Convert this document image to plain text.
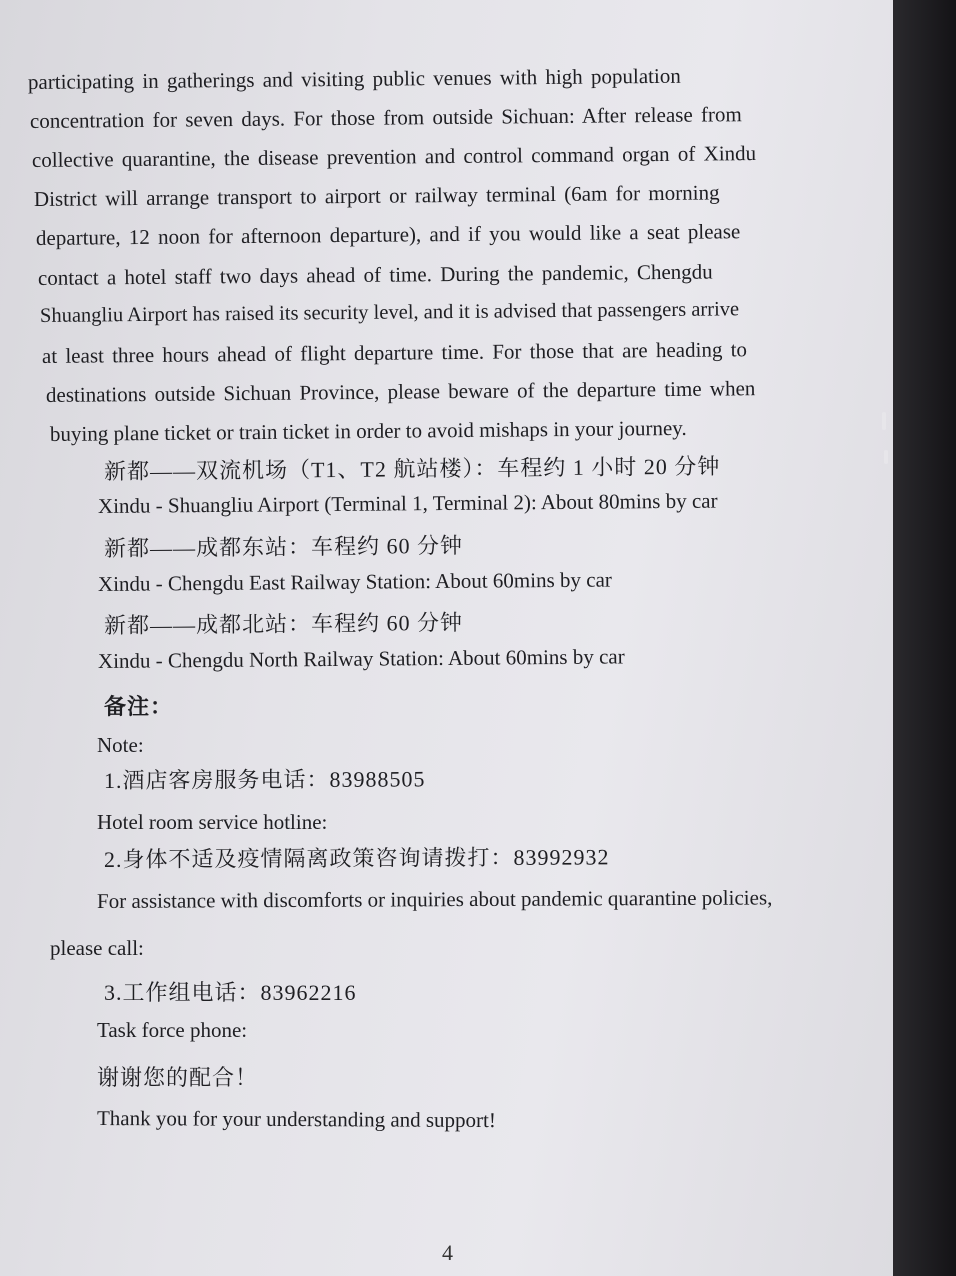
participating in gatherings and visiting public venues with high population

concentration for seven days. For those from outside Sichuan: After release from

collective quarantine, the disease prevention and control command organ of Xindu

District will arrange transport to airport or railway terminal (6am for morning

departure, 12 noon for afternoon departure), and if you would like a seat please

contact a hotel staff two days ahead of time. During the pandemic, Chengdu

Shuangliu Airport has raised its security level, and it is advised that passengers arrive

at least three hours ahead of flight departure time. For those that are heading to

destinations outside Sichuan Province, please beware of the departure time when

buying plane ticket or train ticket in order to avoid mishaps in your journey.

新都——双流机场（T1、T2 航站楼）：车程约 1 小时 20 分钟

Xindu - Shuangliu Airport (Terminal 1, Terminal 2): About 80mins by car

新都——成都东站：车程约 60 分钟

Xindu - Chengdu East Railway Station: About 60mins by car

新都——成都北站：车程约 60 分钟

Xindu - Chengdu North Railway Station: About 60mins by car

备注：

Note:

1.酒店客房服务电话：83988505

Hotel room service hotline:

2.身体不适及疫情隔离政策咨询请拨打：83992932

For assistance with discomforts or inquiries about pandemic quarantine policies,

please call:

3.工作组电话：83962216

Task force phone:

谢谢您的配合！

Thank you for your understanding and support!

4
